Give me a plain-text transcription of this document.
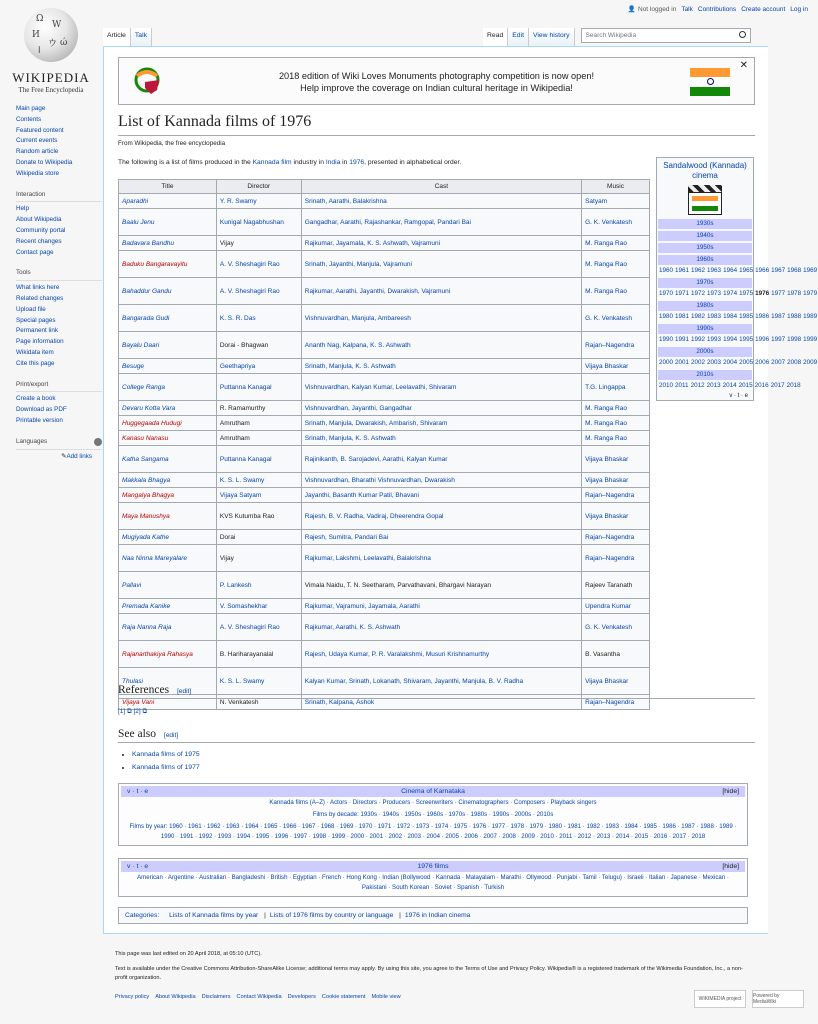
Ω
W
И
ウ ώ
ا
WIKIPEDIA
The Free Encyclopedia
👤 Not logged in Talk Contributions Create account Log in
Article	Talk	Read	Edit	View history	Search Wikipedia
Main page
Contents
Featured content
Current events
Random article
Donate to Wikipedia
Wikipedia store
Interaction
Help
About Wikipedia
Community portal
Recent changes
Contact page
Tools
What links here
Related changes
Upload file
Special pages
Permanent link
Page information
Wikidata item
Cite this page
Print/export
Create a book
Download as PDF
Printable version
Languages
✎Add links
2018 edition of Wiki Loves Monuments photography competition is now open!
Help improve the coverage on Indian cultural heritage in Wikipedia!
✕
List of Kannada films of 1976
From Wikipedia, the free encyclopedia
The following is a list of films produced in the Kannada film industry in India in 1976, presented in alphabetical order.
Title	Director	Cast	Music
Aparadhi	Y. R. Swamy	Srinath, Aarathi, Balakrishna	Satyam
Baalu Jenu	Kunigal Nagabhushan	Gangadhar, Aarathi, Rajashankar, Ramgopal, Pandari Bai	G. K. Venkatesh
Badavara Bandhu	Vijay	Rajkumar, Jayamala, K. S. Ashwath, Vajramuni	M. Ranga Rao
Baduku Bangaravayitu	A. V. Sheshagiri Rao	Srinath, Jayanthi, Manjula, Vajramuni	M. Ranga Rao
Bahaddur Gandu	A. V. Sheshagiri Rao	Rajkumar, Aarathi, Jayanthi, Dwarakish, Vajramuni	M. Ranga Rao
Bangarada Gudi	K. S. R. Das	Vishnuvardhan, Manjula, Ambareesh	G. K. Venkatesh
Bayalu Daari	Dorai - Bhagwan	Ananth Nag, Kalpana, K. S. Ashwath	Rajan–Nagendra
Besuge	Geethapriya	Srinath, Manjula, K. S. Ashwath	Vijaya Bhaskar
College Ranga	Puttanna Kanagal	Vishnuvardhan, Kalyan Kumar, Leelavathi, Shivaram	T.G. Lingappa
Devaru Kotta Vara	R. Ramamurthy	Vishnuvardhan, Jayanthi, Gangadhar	M. Ranga Rao
Huggegaada Hudugi	Amrutham	Srinath, Manjula, Dwarakish, Ambarish, Shivaram	M. Ranga Rao
Kanasu Nanasu	Amrutham	Srinath, Manjula, K. S. Ashwath	M. Ranga Rao
Katha Sangama	Puttanna Kanagal	Rajinikanth, B. Sarojadevi, Aarathi, Kalyan Kumar	Vijaya Bhaskar
Makkala Bhagya	K. S. L. Swamy	Vishnuvardhan, Bharathi Vishnuvardhan, Dwarakish	Vijaya Bhaskar
Mangalya Bhagya	Vijaya Satyam	Jayanthi, Basanth Kumar Patil, Bhavani	Rajan–Nagendra
Maya Manushya	KVS Kutumba Rao	Rajesh, B. V. Radha, Vadiraj, Dheerendra Gopal	Vijaya Bhaskar
Mugiyada Kathe	Dorai	Rajesh, Sumitra, Pandari Bai	Rajan–Nagendra
Naa Ninna Mareyalare	Vijay	Rajkumar, Lakshmi, Leelavathi, Balakrishna	Rajan–Nagendra
Pallavi	P. Lankesh	Vimala Naidu, T. N. Seetharam, Parvathavani, Bhargavi Narayan	Rajeev Taranath
Premada Kanike	V. Somashekhar	Rajkumar, Vajramuni, Jayamala, Aarathi	Upendra Kumar
Raja Nanna Raja	A. V. Sheshagiri Rao	Rajkumar, Aarathi, K. S. Ashwath	G. K. Venkatesh
Rajanarthakiya Rahasya	B. Hariharayanalal	Rajesh, Udaya Kumar, P. R. Varalakshmi, Musuri Krishnamurthy	B. Vasantha
Thulasi	K. S. L. Swamy	Kalyan Kumar, Srinath, Lokanath, Shivaram, Jayanthi, Manjula, B. V. Radha	Vijaya Bhaskar
Vijaya Vani	N. Venkatesh	Srinath, Kalpana, Ashok	Rajan–Nagendra
Sandalwood (Kannada) cinema
1930s
1940s
1950s
1960s
1960 1961 1962 1963 1964 1965 1966 1967 1968 1969
1970s
1970 1971 1972 1973 1974 1975 1976 1977 1978 1979
1980s
1980 1981 1982 1983 1984 1985 1986 1987 1988 1989
1990s
1990 1991 1992 1993 1994 1995 1996 1997 1998 1999
2000s
2000 2001 2002 2003 2004 2005 2006 2007 2008 2009
2010s
2010 2011 2012 2013 2014 2015 2016 2017 2018
v · t · e
References [edit]
[1] ⧉ [2] ⧉
See also [edit]
• Kannada films of 1975
• Kannada films of 1977
v · t · e	Cinema of Karnataka	[hide]
Kannada films (A–Z) · Actors · Directors · Producers · Screenwriters · Cinematographers · Composers · Playback singers
Films by decade: 1930s · 1940s · 1950s · 1960s · 1970s · 1980s · 1990s · 2000s · 2010s
Films by year: 1960 · 1961 · 1962 · 1963 · 1964 · 1965 · 1966 · 1967 · 1968 · 1969 · 1970 · 1971 · 1972 · 1973 · 1974 · 1975 · 1976 · 1977 · 1978 · 1979 · 1980 · 1981 · 1982 · 1983 · 1984 · 1985 · 1986 · 1987 · 1988 · 1989 · 1990 · 1991 · 1992 · 1993 · 1994 · 1995 · 1996 · 1997 · 1998 · 1999 · 2000 · 2001 · 2002 · 2003 · 2004 · 2005 · 2006 · 2007 · 2008 · 2009 · 2010 · 2011 · 2012 · 2013 · 2014 · 2015 · 2016 · 2017 · 2018
v · t · e	1976 films	[hide]
American · Argentine · Australian · Bangladeshi · British · Egyptian · French · Hong Kong · Indian (Bollywood · Kannada · Malayalam · Marathi · Ollywood · Punjabi · Tamil · Telugu) · Israeli · Italian · Japanese · Mexican · Pakistani · South Korean · Soviet · Spanish · Turkish
Categories: Lists of Kannada films by year | Lists of 1976 films by country or language | 1976 in Indian cinema
This page was last edited on 20 April 2018, at 05:10 (UTC).
Text is available under the Creative Commons Attribution-ShareAlike License; additional terms may apply. By using this site, you agree to the Terms of Use and Privacy Policy. Wikipedia® is a registered trademark of the Wikimedia Foundation, Inc., a non-profit organization.
Privacy policy About Wikipedia Disclaimers Contact Wikipedia Developers Cookie statement Mobile view	WIKIMEDIA project	Powered by MediaWiki
